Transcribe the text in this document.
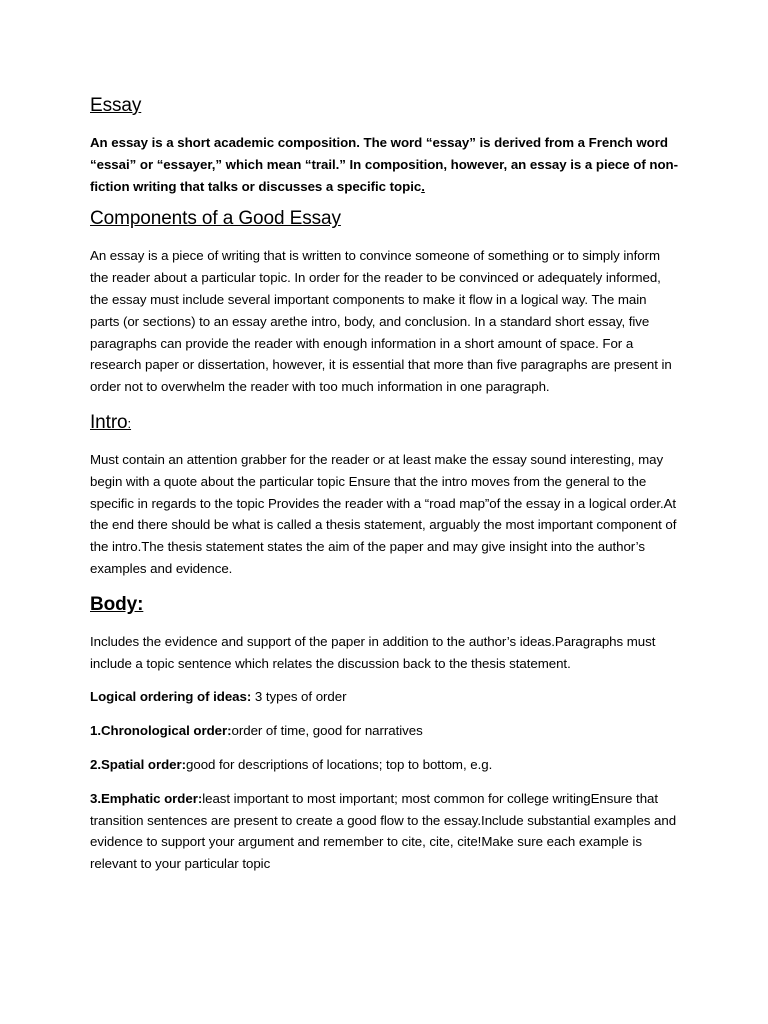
Essay

An essay is a short academic composition. The word “essay” is derived from a French word “essai” or “essayer,” which mean “trail.” In composition, however, an essay is a piece of non-fiction writing that talks or discusses a specific topic.

Components of a Good Essay

An essay is a piece of writing that is written to convince someone of something or to simply inform the reader about a particular topic. In order for the reader to be convinced or adequately informed, the essay must include several important components to make it flow in a logical way. The main parts (or sections) to an essay arethe intro, body, and conclusion. In a standard short essay, five paragraphs can provide the reader with enough information in a short amount of space. For a research paper or dissertation, however, it is essential that more than five paragraphs are present in order not to overwhelm the reader with too much information in one paragraph.

Intro:

Must contain an attention grabber for the reader or at least make the essay sound interesting, may begin with a quote about the particular topic Ensure that the intro moves from the general to the specific in regards to the topic Provides the reader with a “road map”of the essay in a logical order.At the end there should be what is called a thesis statement, arguably the most important component of the intro.The thesis statement states the aim of the paper and may give insight into the author’s examples and evidence.

Body:

Includes the evidence and support of the paper in addition to the author’s ideas.Paragraphs must include a topic sentence which relates the discussion back to the thesis statement.

Logical ordering of ideas: 3 types of order

1.Chronological order:order of time, good for narratives

2.Spatial order:good for descriptions of locations; top to bottom, e.g.

3.Emphatic order:least important to most important; most common for college writingEnsure that transition sentences are present to create a good flow to the essay.Include substantial examples and evidence to support your argument and remember to cite, cite, cite!Make sure each example is relevant to your particular topic
